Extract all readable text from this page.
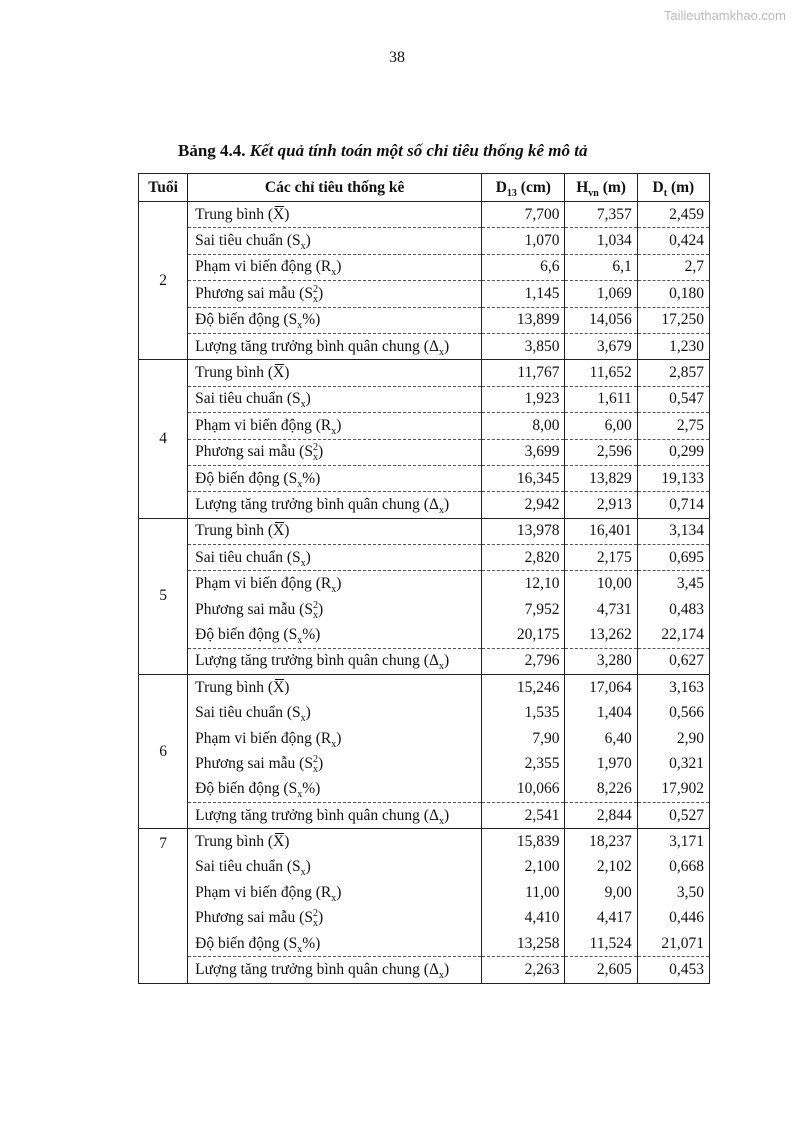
Tailieuthamkhao.com
38
Bảng 4.4. Kết quả tính toán một số chỉ tiêu thống kê mô tả
Tuổi	Các chỉ tiêu thống kê	$D_{13}$ (cm)	$H_{vn}$ (m)	$D_t$ (m)
2	Trung bình (X)	7,700	7,357	2,459
	Sai tiêu chuẩn $(S_x)$	1,070	1,034	0,424
	Phạm vi biến động $(R_x)$	6,6	6,1	2,7
	Phương sai mẫu $(S^2_x)$	1,145	1,069	0,180
	Độ biến động $(S_x\%)$	13,899	14,056	17,250
	Lượng tăng trưởng bình quân chung $(\Delta_x)$	3,850	3,679	1,230
4	Trung bình (X)	11,767	11,652	2,857
	Sai tiêu chuẩn $(S_x)$	1,923	1,611	0,547
	Phạm vi biến động $(R_x)$	8,00	6,00	2,75
	Phương sai mẫu $(S^2_x)$	3,699	2,596	0,299
	Độ biến động $(S_x\%)$	16,345	13,829	19,133
	Lượng tăng trưởng bình quân chung $(\Delta_x)$	2,942	2,913	0,714
5	Trung bình (X)	13,978	16,401	3,134
	Sai tiêu chuẩn $(S_x)$	2,820	2,175	0,695
	Phạm vi biến động $(R_x)$	12,10	10,00	3,45
	Phương sai mẫu $(S^2_x)$	7,952	4,731	0,483
	Độ biến động $(S_x\%)$	20,175	13,262	22,174
	Lượng tăng trưởng bình quân chung $(\Delta_x)$	2,796	3,280	0,627
6	Trung bình (X)	15,246	17,064	3,163
	Sai tiêu chuẩn $(S_x)$	1,535	1,404	0,566
	Phạm vi biến động $(R_x)$	7,90	6,40	2,90
	Phương sai mẫu $(S^2_x)$	2,355	1,970	0,321
	Độ biến động $(S_x\%)$	10,066	8,226	17,902
	Lượng tăng trưởng bình quân chung $(\Delta_x)$	2,541	2,844	0,527
7	Trung bình (X)	15,839	18,237	3,171
	Sai tiêu chuẩn $(S_x)$	2,100	2,102	0,668
	Phạm vi biến động $(R_x)$	11,00	9,00	3,50
	Phương sai mẫu $(S^2_x)$	4,410	4,417	0,446
	Độ biến động $(S_x\%)$	13,258	11,524	21,071
	Lượng tăng trưởng bình quân chung $(\Delta_x)$	2,263	2,605	0,453
